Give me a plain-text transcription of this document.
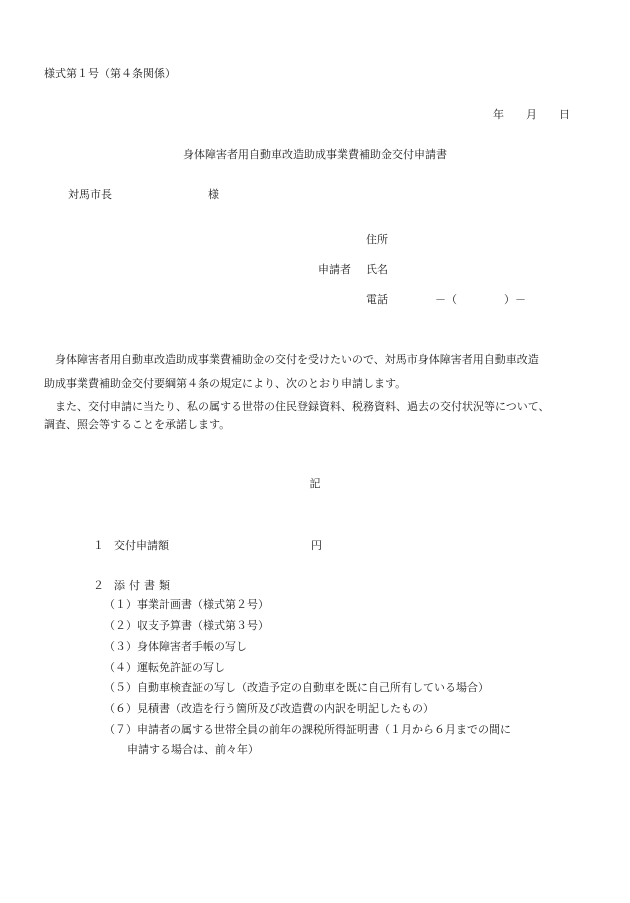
様式第１号（第４条関係）
年 月 日
身体障害者用自動車改造助成事業費補助金交付申請書
対馬市長	様
住所
申請者 氏名
電話	－（	）－
　身体障害者用自動車改造助成事業費補助金の交付を受けたいので、対馬市身体障害者用自動車改造
助成事業費補助金交付要綱第４条の規定により、次のとおり申請します。
　また、交付申請に当たり、私の属する世帯の住民登録資料、税務資料、過去の交付状況等について、
調査、照会等することを承諾します。
記
１ 交付申請額	円
２ 添付書類
（１）事業計画書（様式第２号）
（２）収支予算書（様式第３号）
（３）身体障害者手帳の写し
（４）運転免許証の写し
（５）自動車検査証の写し（改造予定の自動車を既に自己所有している場合）
（６）見積書（改造を行う箇所及び改造費の内訳を明記したもの）
（７）申請者の属する世帯全員の前年の課税所得証明書（１月から６月までの間に
申請する場合は、前々年）
